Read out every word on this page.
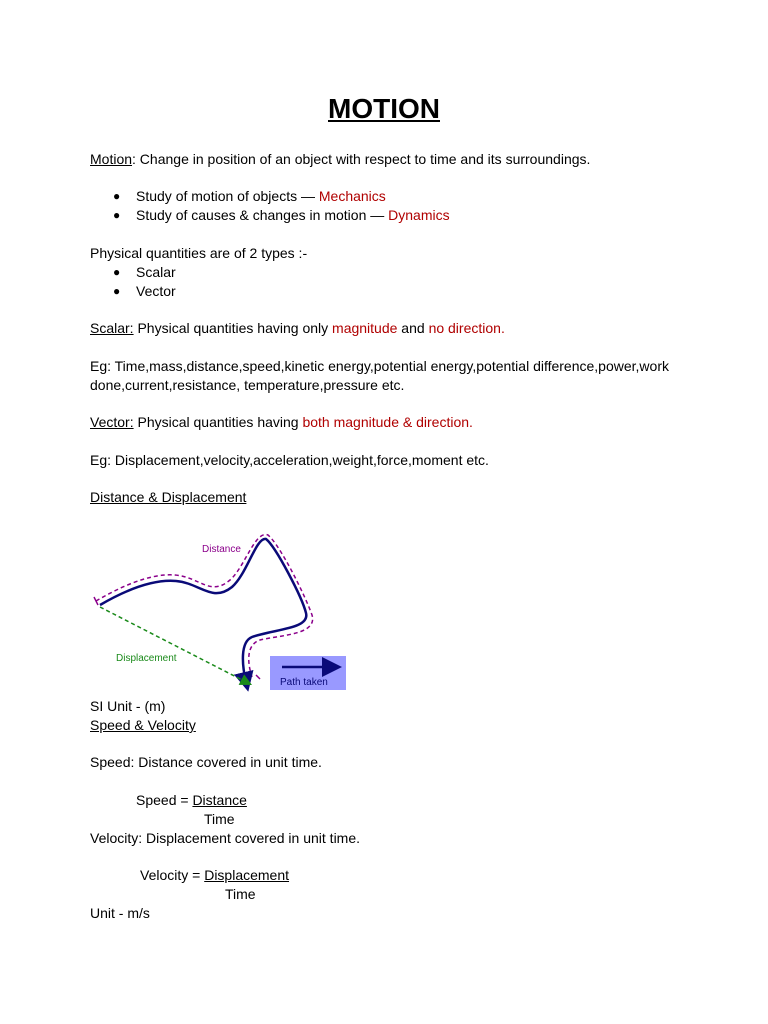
MOTION
Motion: Change in position of an object with respect to time and its surroundings.
● Study of motion of objects — Mechanics
● Study of causes & changes in motion — Dynamics
Physical quantities are of 2 types :-
● Scalar
● Vector
Scalar: Physical quantities having only magnitude and no direction.
Eg: Time,mass,distance,speed,kinetic energy,potential energy,potential difference,power,work
done,current,resistance, temperature,pressure etc.
Vector: Physical quantities having both magnitude & direction.
Eg: Displacement,velocity,acceleration,weight,force,moment etc.
Distance & Displacement
Distance
Displacement
Path taken
SI Unit - (m)
Speed & Velocity
Speed: Distance covered in unit time.
Speed = Distance
Time
Velocity: Displacement covered in unit time.
Velocity = Displacement
Time
Unit - m/s
